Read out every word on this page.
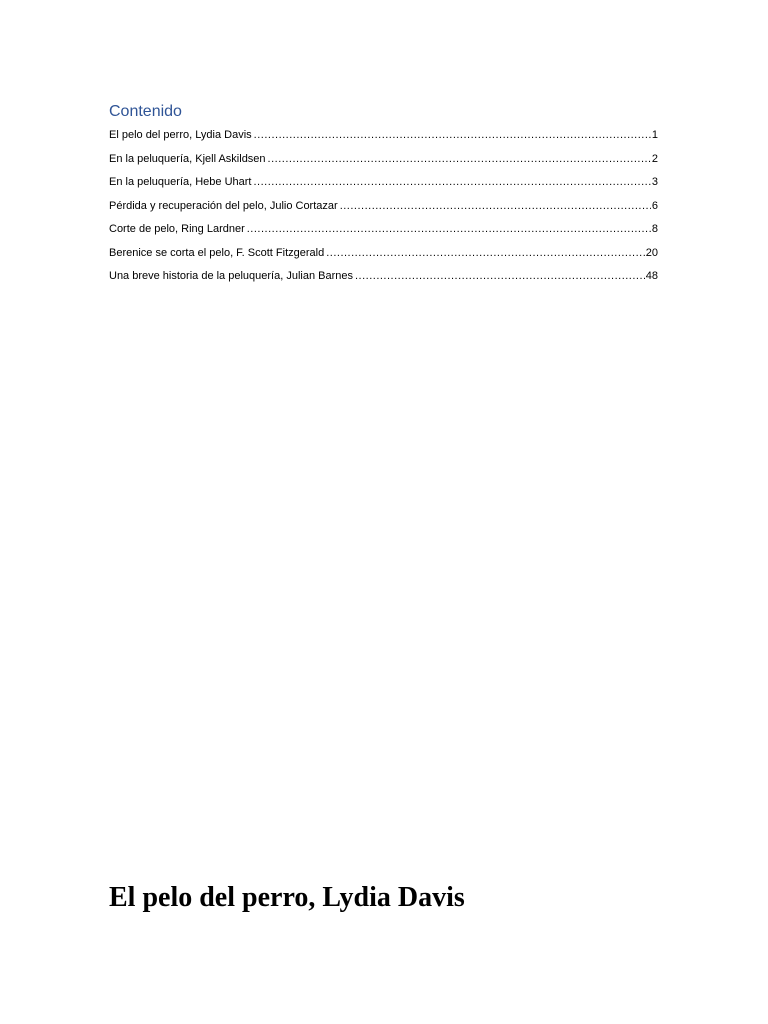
Contenido
El pelo del perro, Lydia Davis .....	1
En la peluquería, Kjell Askildsen .....	2
En la peluquería, Hebe Uhart .....	3
Pérdida y recuperación del pelo, Julio Cortazar .....	6
Corte de pelo, Ring Lardner .....	8
Berenice se corta el pelo, F. Scott Fitzgerald .....	20
Una breve historia de la peluquería, Julian Barnes .....	48
El pelo del perro, Lydia Davis
